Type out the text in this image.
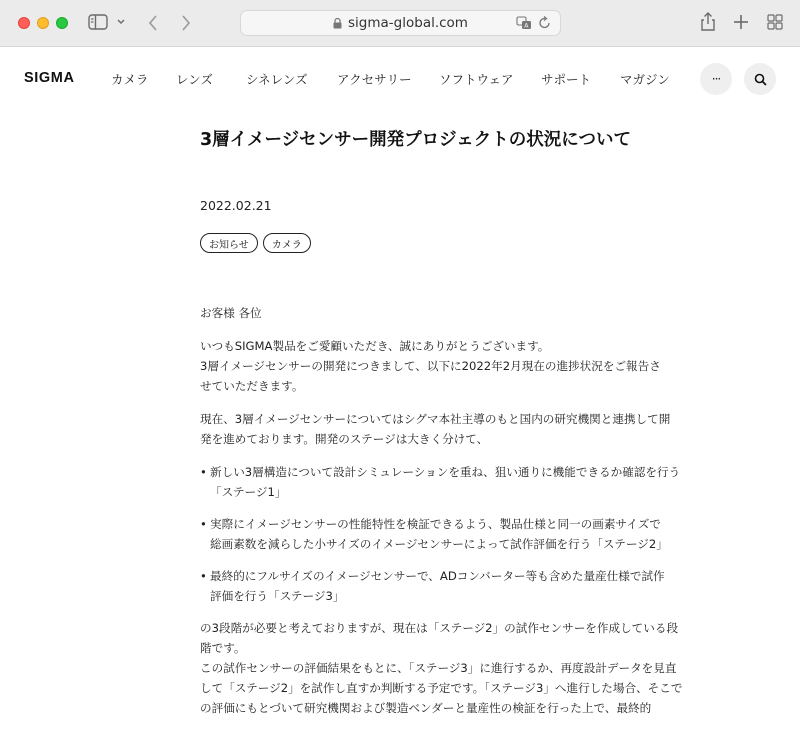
sigma-global.com	A
SIGMA	カメラ	レンズ	シネレンズ	アクセサリー	ソフトウェア	サポート	マガジン	···
3層イメージセンサー開発プロジェクトの状況について
2022.02.21
お知らせ	カメラ

お客様 各位

いつもSIGMA製品をご愛顧いただき、誠にありがとうございます。
3層イメージセンサーの開発につきまして、以下に2022年2月現在の進捗状況をご報告さ
せていただきます。

現在、3層イメージセンサーについてはシグマ本社主導のもと国内の研究機関と連携して開
発を進めております。開発のステージは大きく分けて、

• 新しい3層構造について設計シミュレーションを重ね、狙い通りに機能できるか確認を行う
「ステージ1」
• 実際にイメージセンサーの性能特性を検証できるよう、製品仕様と同一の画素サイズで
総画素数を減らした小サイズのイメージセンサーによって試作評価を行う「ステージ2」
• 最終的にフルサイズのイメージセンサーで、ADコンバーター等も含めた量産仕様で試作
評価を行う「ステージ3」

の3段階が必要と考えておりますが、現在は「ステージ2」の試作センサーを作成している段
階です。
この試作センサーの評価結果をもとに、「ステージ3」に進行するか、再度設計データを見直
して「ステージ2」を試作し直すか判断する予定です。「ステージ3」へ進行した場合、そこで
の評価にもとづいて研究機関および製造ベンダーと量産性の検証を行った上で、最終的
